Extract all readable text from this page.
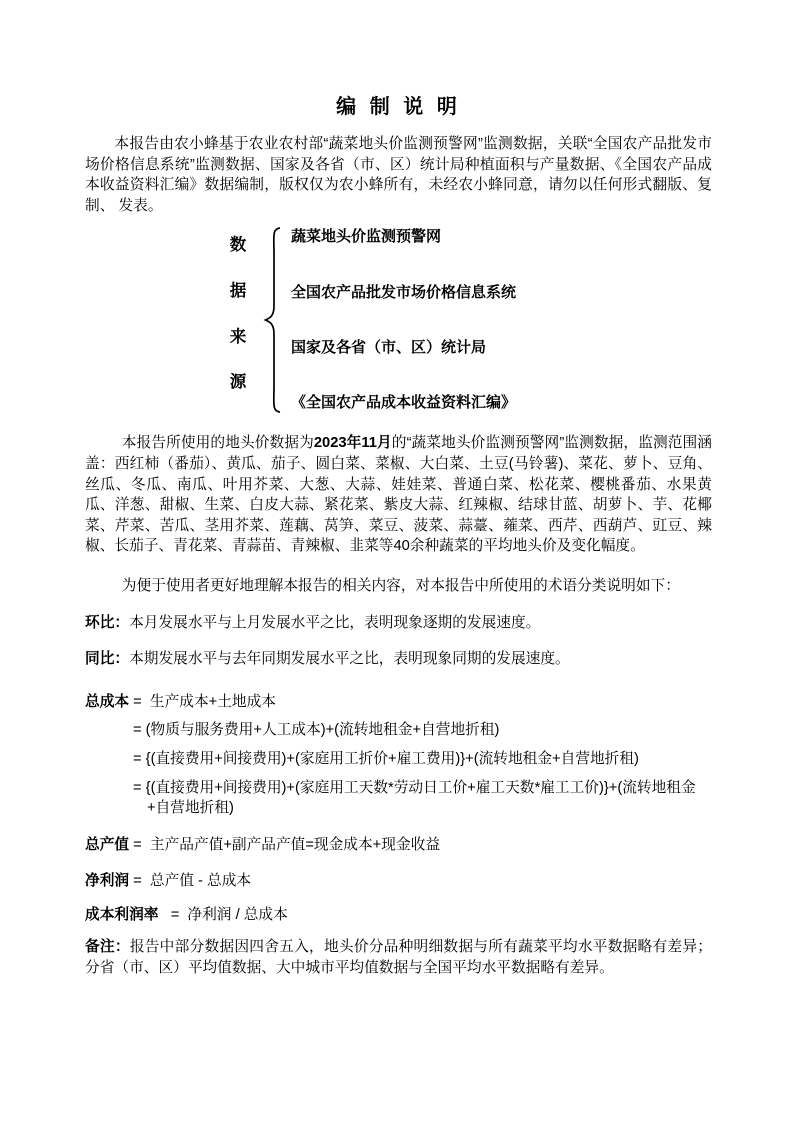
编 制 说 明

本报告由农小蜂基于农业农村部“蔬菜地头价监测预警网”监测数据，关联“全国农产品批发市场价格信息系统”监测数据、国家及各省（市、区）统计局种植面积与产量数据、《全国农产品成本收益资料汇编》数据编制，版权仅为农小蜂所有，未经农小蜂同意，请勿以任何形式翻版、复制、 发表。

数
据
来
源
蔬菜地头价监测预警网
全国农产品批发市场价格信息系统
国家及各省（市、区）统计局
《全国农产品成本收益资料汇编》

本报告所使用的地头价数据为2023年11月的“蔬菜地头价监测预警网”监测数据，监测范围涵盖：西红柿（番茄）、黄瓜、茄子、圆白菜、菜椒、大白菜、土豆(马铃薯)、菜花、萝卜、豆角、丝瓜、冬瓜、南瓜、叶用芥菜、大葱、大蒜、娃娃菜、普通白菜、松花菜、樱桃番茄、水果黄瓜、洋葱、甜椒、生菜、白皮大蒜、紧花菜、紫皮大蒜、红辣椒、结球甘蓝、胡萝卜、芋、花椰菜、芹菜、苦瓜、茎用芥菜、莲藕、莴笋、菜豆、菠菜、蒜薹、蕹菜、西芹、西葫芦、豇豆、辣椒、长茄子、青花菜、青蒜苗、青辣椒、韭菜等40余种蔬菜的平均地头价及变化幅度。

为便于使用者更好地理解本报告的相关内容，对本报告中所使用的术语分类说明如下：

环比：本月发展水平与上月发展水平之比，表明现象逐期的发展速度。

同比：本期发展水平与去年同期发展水平之比，表明现象同期的发展速度。

总成本 =  生产成本+土地成本

= (物质与服务费用+人工成本)+(流转地租金+自营地折租)

= {(直接费用+间接费用)+(家庭用工折价+雇工费用)}+(流转地租金+自营地折租)

= {(直接费用+间接费用)+(家庭用工天数*劳动日工价+雇工天数*雇工工价)}+(流转地租金+自营地折租)

总产值 =  主产品产值+副产品产值=现金成本+现金收益

净利润 =  总产值 - 总成本

成本利润率   =  净利润 / 总成本

备注：报告中部分数据因四舍五入，地头价分品种明细数据与所有蔬菜平均水平数据略有差异；分省（市、区）平均值数据、大中城市平均值数据与全国平均水平数据略有差异。
